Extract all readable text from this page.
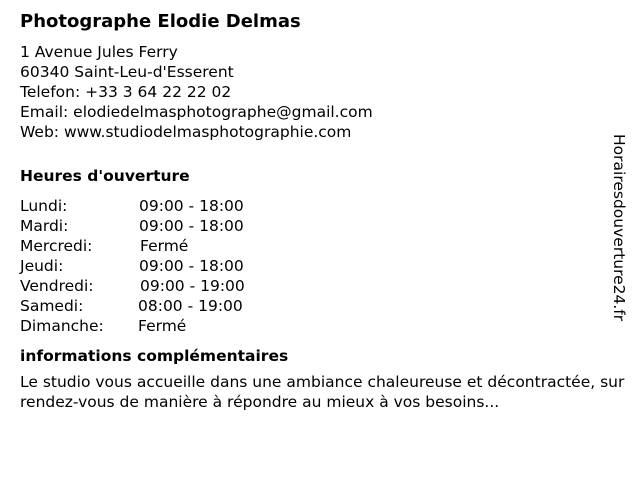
Photographe Elodie Delmas
1 Avenue Jules Ferry
60340 Saint-Leu-d'Esserent
Telefon: +33 3 64 22 22 02
Email: elodiedelmasphotographe@gmail.com
Web: www.studiodelmasphotographie.com
Heures d'ouverture
Lundi:	09:00 - 18:00
Mardi:	09:00 - 18:00
Mercredi:	Fermé
Jeudi:	09:00 - 18:00
Vendredi:	09:00 - 19:00
Samedi:	08:00 - 19:00
Dimanche: Fermé
informations complémentaires
Le studio vous accueille dans une ambiance chaleureuse et décontractée, sur rendez-vous de manière à répondre au mieux à vos besoins...
Horairesdouverture24.fr
